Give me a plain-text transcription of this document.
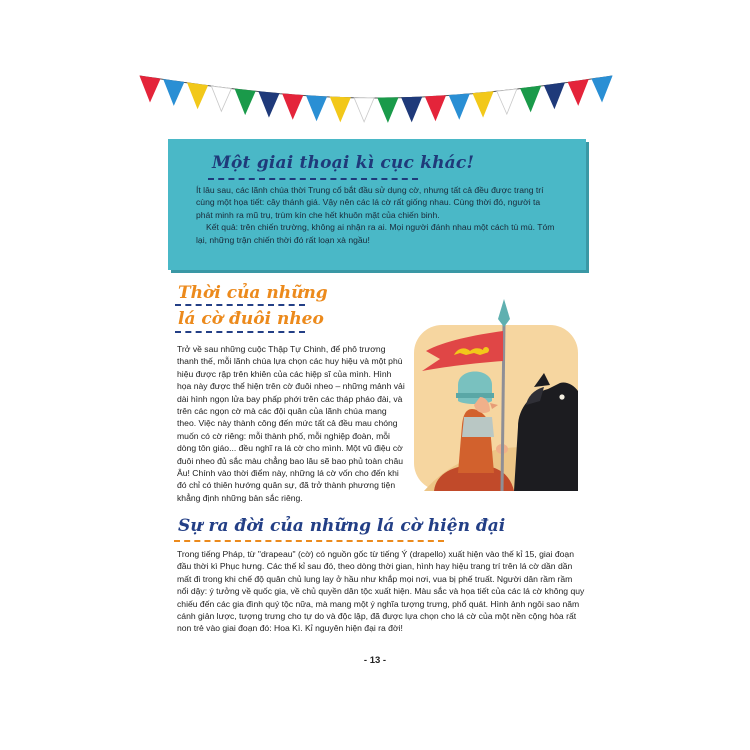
Một giai thoại kì cục khác!

Ít lâu sau, các lãnh chúa thời Trung cổ bắt đầu sử dụng cờ, nhưng tất cả đều được trang trí cùng một họa tiết: cây thánh giá. Vậy nên các lá cờ rất giống nhau. Cùng thời đó, người ta phát minh ra mũ trụ, trùm kín che hết khuôn mặt của chiến binh.

Kết quả: trên chiến trường, không ai nhận ra ai. Mọi người đánh nhau một cách tù mù. Tóm lại, những trận chiến thời đó rất loạn xà ngầu!

Thời của những
lá cờ đuôi nheo

Trở về sau những cuộc Thập Tự Chinh, để phô trương thanh thế, mỗi lãnh chúa lựa chọn các huy hiệu và một phù hiệu được rập trên khiên của các hiệp sĩ của mình. Hình họa này được thể hiện trên cờ đuôi nheo – những mảnh vải dài hình ngọn lửa bay phấp phới trên các tháp pháo đài, và trên các ngọn cờ mà các đội quân của lãnh chúa mang theo. Việc này thành công đến mức tất cả đều mau chóng muốn có cờ riêng: mỗi thành phố, mỗi nghiệp đoàn, mỗi dòng tôn giáo... đều nghĩ ra lá cờ cho mình. Một vũ điệu cờ đuôi nheo đủ sắc màu chẳng bao lâu sẽ bao phủ toàn châu Âu! Chính vào thời điểm này, những lá cờ vốn cho đến khi đó chỉ có thiên hướng quân sự, đã trở thành phương tiện khẳng định những bản sắc riêng.

Sự ra đời của những lá cờ hiện đại

Trong tiếng Pháp, từ "drapeau" (cờ) có nguồn gốc từ tiếng Ý (drapello) xuất hiện vào thế kỉ 15, giai đoạn đầu thời kì Phục hưng. Các thế kỉ sau đó, theo dòng thời gian, hình hay hiệu trang trí trên lá cờ dần dần mất đi trong khi chế độ quân chủ lung lay ở hầu như khắp mọi nơi, vua bị phế truất. Người dân rầm rầm nổi dậy: ý tưởng về quốc gia, về chủ quyền dân tộc xuất hiện. Màu sắc và họa tiết của các lá cờ không quy chiếu đến các gia đình quý tộc nữa, mà mang một ý nghĩa tượng trưng, phổ quát. Hình ảnh ngôi sao năm cánh giản lược, tượng trưng cho tự do và độc lập, đã được lựa chọn cho lá cờ của một nền cộng hòa rất non trẻ vào giai đoạn đó: Hoa Kì. Kỉ nguyên hiện đại ra đời!

- 13 -
